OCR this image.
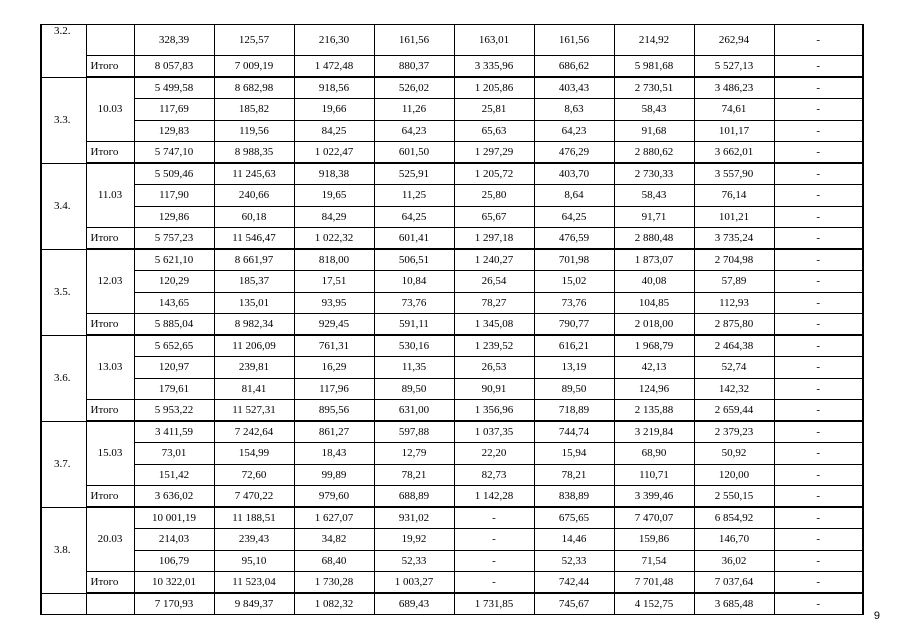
3.2.		328,39	125,57	216,30	161,56	163,01	161,56	214,92	262,94	-
	Итого	8 057,83	7 009,19	1 472,48	880,37	3 335,96	686,62	5 981,68	5 527,13	-
3.3.	10.03	5 499,58	8 682,98	918,56	526,02	1 205,86	403,43	2 730,51	3 486,23	-
		117,69	185,82	19,66	11,26	25,81	8,63	58,43	74,61	-
		129,83	119,56	84,25	64,23	65,63	64,23	91,68	101,17	-
	Итого	5 747,10	8 988,35	1 022,47	601,50	1 297,29	476,29	2 880,62	3 662,01	-
3.4.	11.03	5 509,46	11 245,63	918,38	525,91	1 205,72	403,70	2 730,33	3 557,90	-
		117,90	240,66	19,65	11,25	25,80	8,64	58,43	76,14	-
		129,86	60,18	84,29	64,25	65,67	64,25	91,71	101,21	-
	Итого	5 757,23	11 546,47	1 022,32	601,41	1 297,18	476,59	2 880,48	3 735,24	-
3.5.	12.03	5 621,10	8 661,97	818,00	506,51	1 240,27	701,98	1 873,07	2 704,98	-
		120,29	185,37	17,51	10,84	26,54	15,02	40,08	57,89	-
		143,65	135,01	93,95	73,76	78,27	73,76	104,85	112,93	-
	Итого	5 885,04	8 982,34	929,45	591,11	1 345,08	790,77	2 018,00	2 875,80	-
3.6.	13.03	5 652,65	11 206,09	761,31	530,16	1 239,52	616,21	1 968,79	2 464,38	-
		120,97	239,81	16,29	11,35	26,53	13,19	42,13	52,74	-
		179,61	81,41	117,96	89,50	90,91	89,50	124,96	142,32	-
	Итого	5 953,22	11 527,31	895,56	631,00	1 356,96	718,89	2 135,88	2 659,44	-
3.7.	15.03	3 411,59	7 242,64	861,27	597,88	1 037,35	744,74	3 219,84	2 379,23	-
		73,01	154,99	18,43	12,79	22,20	15,94	68,90	50,92	-
		151,42	72,60	99,89	78,21	82,73	78,21	110,71	120,00	-
	Итого	3 636,02	7 470,22	979,60	688,89	1 142,28	838,89	3 399,46	2 550,15	-
3.8.	20.03	10 001,19	11 188,51	1 627,07	931,02	-	675,65	7 470,07	6 854,92	-
		214,03	239,43	34,82	19,92	-	14,46	159,86	146,70	-
		106,79	95,10	68,40	52,33	-	52,33	71,54	36,02	-
	Итого	10 322,01	11 523,04	1 730,28	1 003,27	-	742,44	7 701,48	7 037,64	-
		7 170,93	9 849,37	1 082,32	689,43	1 731,85	745,67	4 152,75	3 685,48	-
9
